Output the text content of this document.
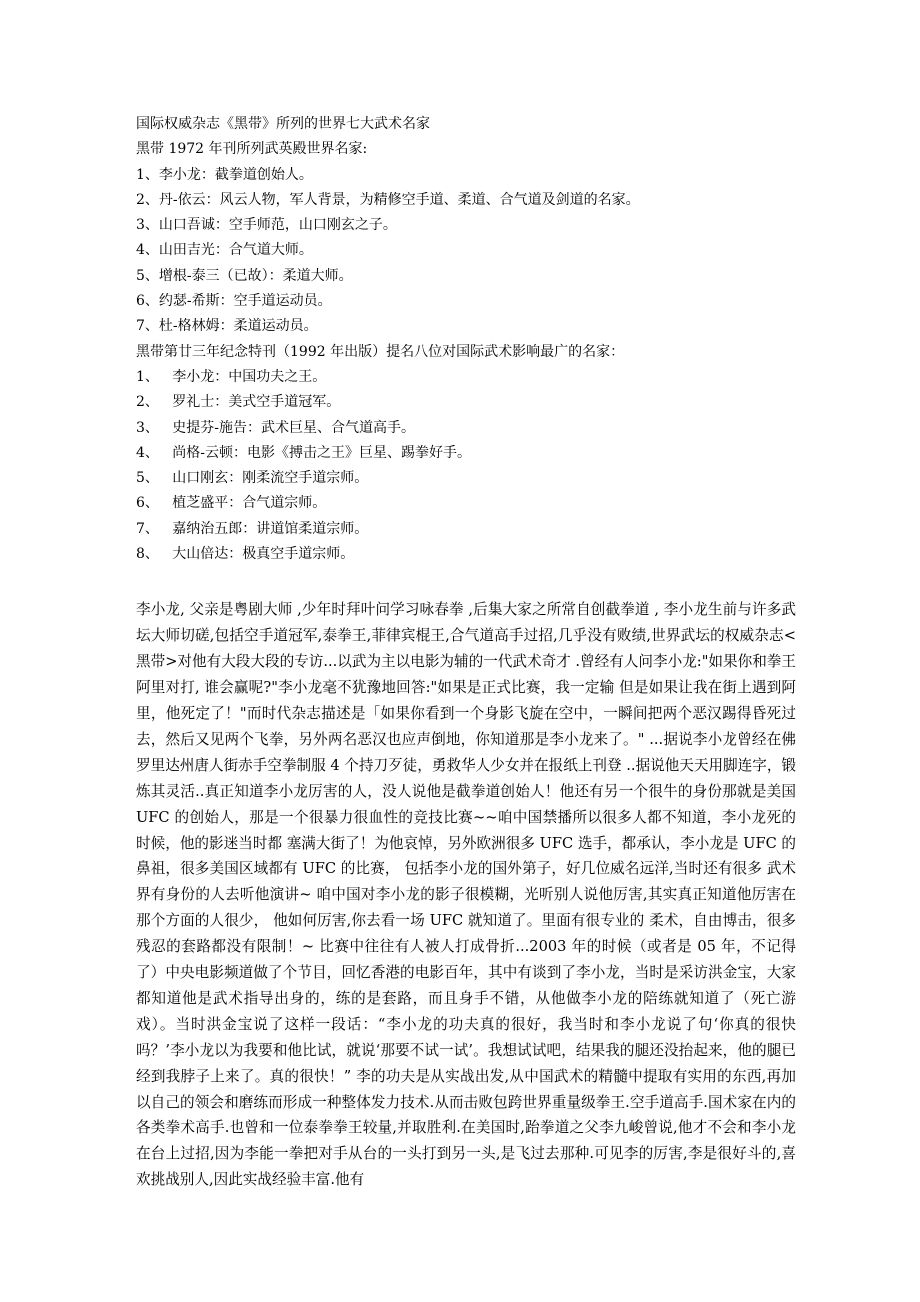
国际权威杂志《黑带》所列的世界七大武术名家

黑带 1972 年刊所列武英殿世界名家:

1、李小龙：截拳道创始人。

2、丹-依云：风云人物，军人背景，为精修空手道、柔道、合气道及剑道的名家。

3、山口吾诚：空手师范，山口刚玄之子。

4、山田吉光：合气道大师。

5、增根-泰三（已故）：柔道大师。

6、约瑟-希斯：空手道运动员。

7、杜-格林姆：柔道运动员。

黑带第廿三年纪念特刊（1992 年出版）提名八位对国际武术影响最广的名家：

1、   李小龙：中国功夫之王。

2、   罗礼士：美式空手道冠军。

3、   史提芬-施告：武术巨星、合气道高手。

4、   尚格-云顿：电影《搏击之王》巨星、踢拳好手。

5、   山口刚玄：刚柔流空手道宗师。

6、   植芝盛平：合气道宗师。

7、   嘉纳治五郎：讲道馆柔道宗师。

8、   大山倍达：极真空手道宗师。

李小龙, 父亲是粤剧大师 ,少年时拜叶问学习咏春拳 ,后集大家之所常自创截拳道 , 李小龙生前与许多武坛大师切磋,包括空手道冠军,泰拳王,菲律宾棍王,合气道高手过招,几乎没有败绩,世界武坛的权威杂志<黑带>对他有大段大段的专访...以武为主以电影为辅的一代武术奇才 .曾经有人问李小龙:"如果你和拳王阿里对打, 谁会赢呢?"李小龙毫不犹豫地回答:"如果是正式比赛，我一定输 但是如果让我在街上遇到阿里，他死定了！"而时代杂志描述是「如果你看到一个身影飞旋在空中，一瞬间把两个恶汉踢得昏死过去，然后又见两个飞拳，另外两名恶汉也应声倒地，你知道那是李小龙来了。" ...据说李小龙曾经在佛罗里达州唐人街赤手空拳制服 4 个持刀歹徒，勇救华人少女并在报纸上刊登 ..据说他天天用脚连字，锻炼其灵活..真正知道李小龙厉害的人，没人说他是截拳道创始人！他还有另一个很牛的身份那就是美国 UFC 的创始人，那是一个很暴力很血性的竞技比赛~~咱中国禁播所以很多人都不知道，李小龙死的时候，他的影迷当时都 塞满大街了！为他哀悼，另外欧洲很多 UFC 选手，都承认，李小龙是 UFC 的鼻祖，很多美国区域都有 UFC 的比赛， 包括李小龙的国外第子，好几位威名远洋,当时还有很多 武术界有身份的人去听他演讲~ 咱中国对李小龙的影子很模糊，光听别人说他厉害,其实真正知道他厉害在那个方面的人很少， 他如何厉害,你去看一场 UFC 就知道了。里面有很专业的 柔术，自由博击，很多残忍的套路都没有限制！~ 比赛中往往有人被人打成骨折...2003 年的时候（或者是 05 年，不记得了）中央电影频道做了个节目，回忆香港的电影百年，其中有谈到了李小龙，当时是采访洪金宝，大家都知道他是武术指导出身的，练的是套路，而且身手不错，从他做李小龙的陪练就知道了（死亡游戏）。当时洪金宝说了这样一段话：“李小龙的功夫真的很好，我当时和李小龙说了句‘你真的很快吗？’李小龙以为我要和他比试，就说‘那要不试一试’。我想试试吧，结果我的腿还没抬起来，他的腿已经到我脖子上来了。真的很快！” 李的功夫是从实战出发,从中国武术的精髓中提取有实用的东西,再加以自己的领会和磨练而形成一种整体发力技术.从而击败包跨世界重量级拳王.空手道高手.国术家在内的各类拳术高手.也曾和一位泰拳拳王较量,并取胜利.在美国时,跆拳道之父李九峻曾说,他才不会和李小龙在台上过招,因为李能一拳把对手从台的一头打到另一头,是飞过去那种.可见李的厉害,李是很好斗的,喜欢挑战别人,因此实战经验丰富.他有
